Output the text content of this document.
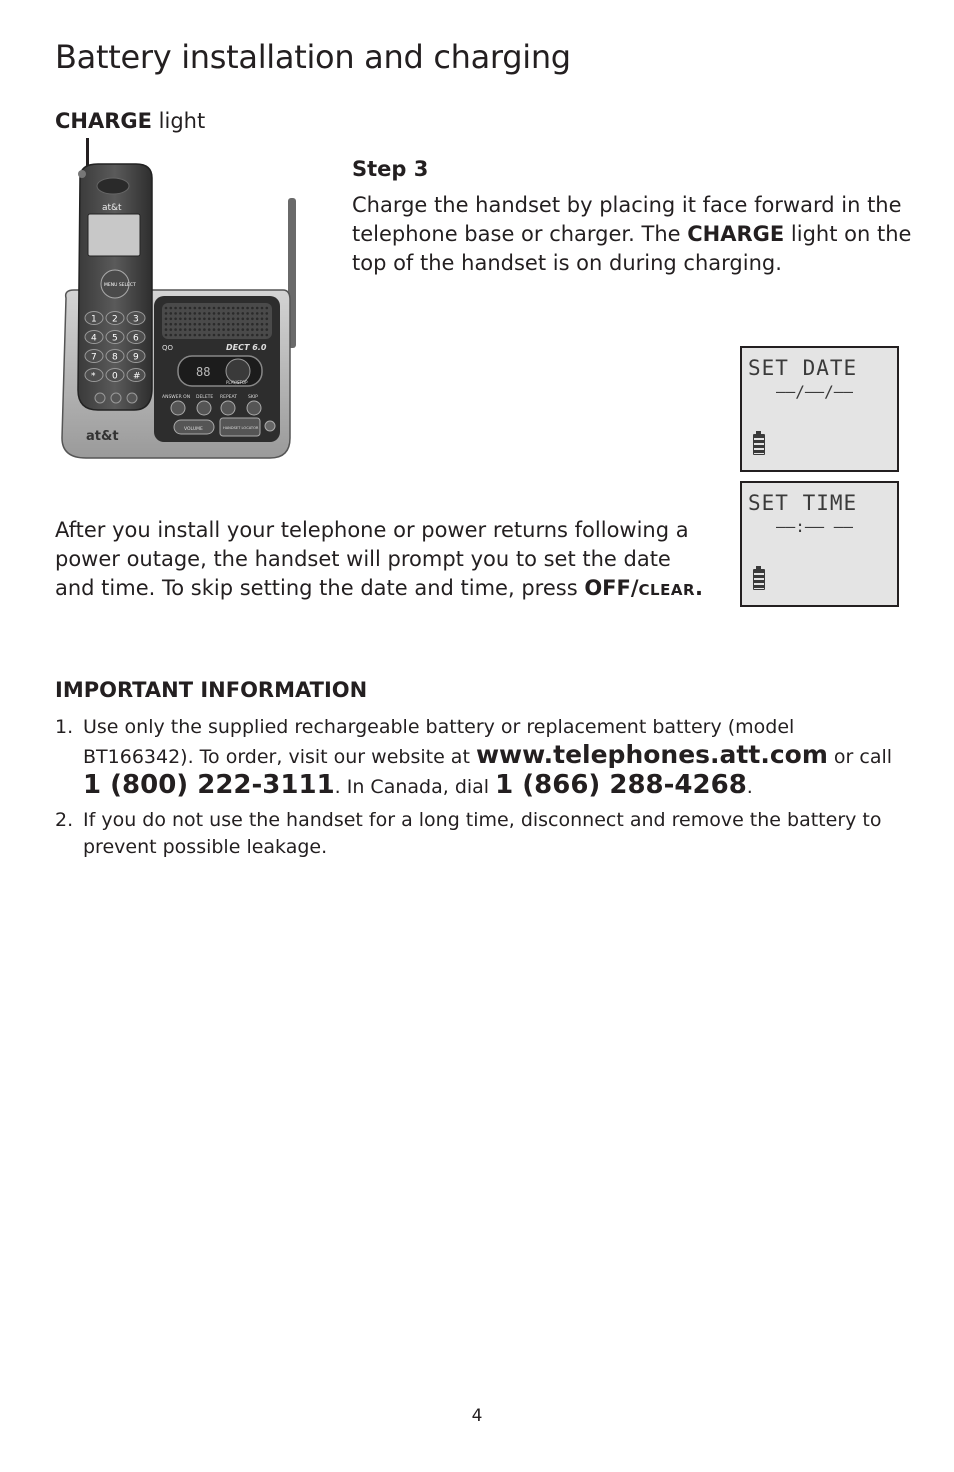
Battery installation and charging
CHARGE light
QO	DECT 6.0
88
PLAY/STOP
ANSWER ON DELETE REPEAT SKIP
VOLUME	HANDSET LOCATOR
at&t
at&t
MENU SELECT
1 2 3
4 5 6
7 8 9
* 0 #
Step 3
Charge the handset by placing it face forward in the telephone base or charger. The CHARGE light on the top of the handset is on during charging.
SET DATE
––/––/––
SET TIME
––:–– ––
After you install your telephone or power returns following a power outage, the handset will prompt you to set the date and time. To skip setting the date and time, press OFF/CLEAR.
IMPORTANT INFORMATION
1. Use only the supplied rechargeable battery or replacement battery (model BT166342). To order, visit our website at www.telephones.att.com or call
1 (800) 222-3111. In Canada, dial 1 (866) 288-4268.
2. If you do not use the handset for a long time, disconnect and remove the battery to prevent possible leakage.
4
